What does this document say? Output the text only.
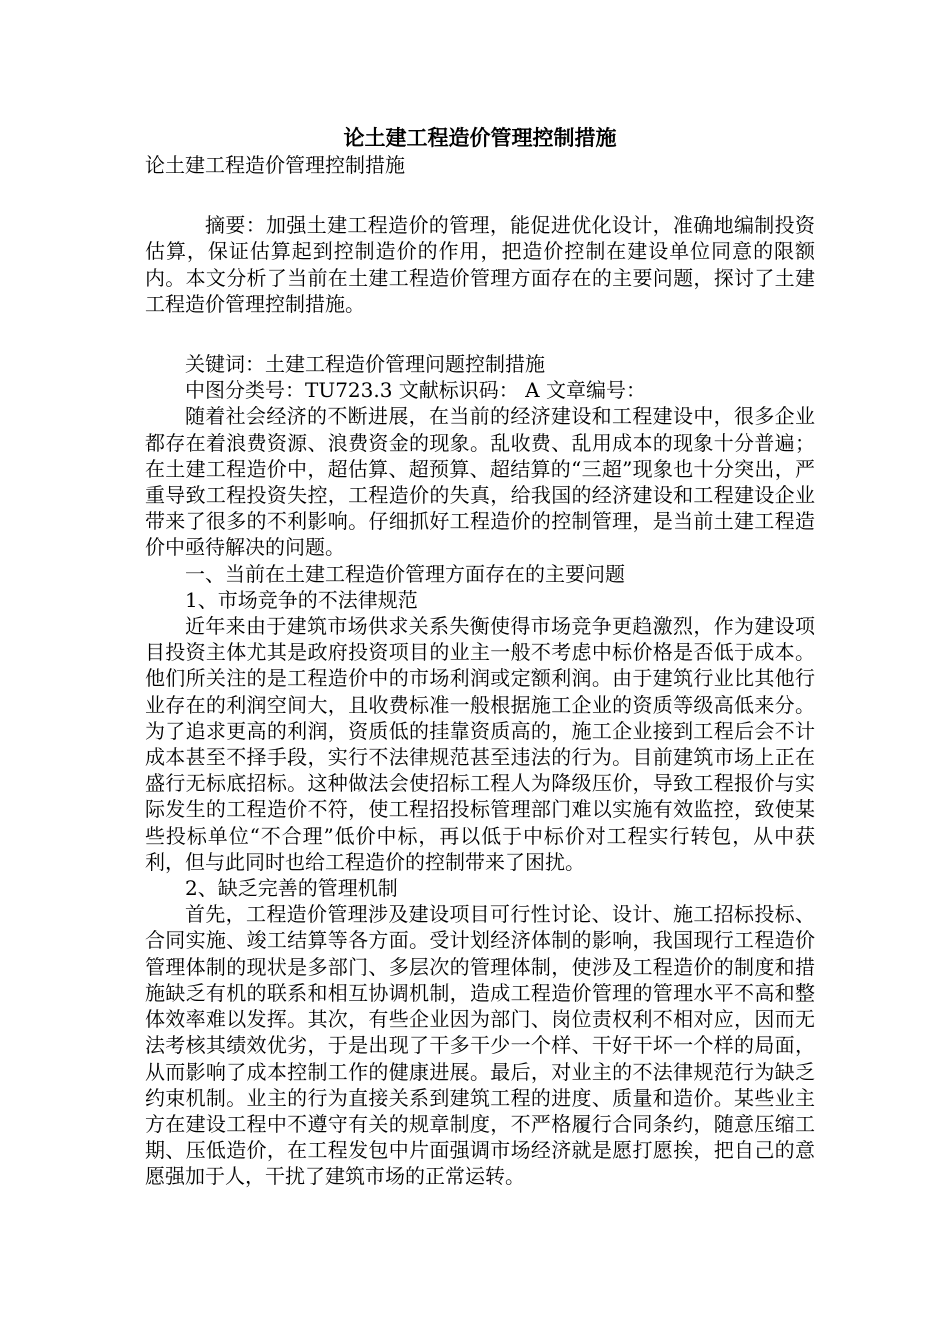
论土建工程造价管理控制措施

论土建工程造价管理控制措施

摘要：加强土建工程造价的管理，能促进优化设计，准确地编制投资估算，保证估算起到控制造价的作用，把造价控制在建设单位同意的限额内。本文分析了当前在土建工程造价管理方面存在的主要问题，探讨了土建工程造价管理控制措施。

关键词：土建工程造价管理问题控制措施

中图分类号：TU723.3 文献标识码： A 文章编号：

随着社会经济的不断进展，在当前的经济建设和工程建设中，很多企业都存在着浪费资源、浪费资金的现象。乱收费、乱用成本的现象十分普遍；在土建工程造价中，超估算、超预算、超结算的“三超”现象也十分突出，严重导致工程投资失控，工程造价的失真，给我国的经济建设和工程建设企业带来了很多的不利影响。仔细抓好工程造价的控制管理，是当前土建工程造价中亟待解决的问题。

一、当前在土建工程造价管理方面存在的主要问题

1、市场竞争的不法律规范

近年来由于建筑市场供求关系失衡使得市场竞争更趋激烈，作为建设项目投资主体尤其是政府投资项目的业主一般不考虑中标价格是否低于成本。他们所关注的是工程造价中的市场利润或定额利润。由于建筑行业比其他行业存在的利润空间大，且收费标准一般根据施工企业的资质等级高低来分。为了追求更高的利润，资质低的挂靠资质高的，施工企业接到工程后会不计成本甚至不择手段，实行不法律规范甚至违法的行为。目前建筑市场上正在盛行无标底招标。这种做法会使招标工程人为降级压价，导致工程报价与实际发生的工程造价不符，使工程招投标管理部门难以实施有效监控，致使某些投标单位“不合理”低价中标，再以低于中标价对工程实行转包，从中获利，但与此同时也给工程造价的控制带来了困扰。

2、缺乏完善的管理机制

首先，工程造价管理涉及建设项目可行性讨论、设计、施工招标投标、合同实施、竣工结算等各方面。受计划经济体制的影响，我国现行工程造价管理体制的现状是多部门、多层次的管理体制，使涉及工程造价的制度和措施缺乏有机的联系和相互协调机制，造成工程造价管理的管理水平不高和整体效率难以发挥。其次，有些企业因为部门、岗位责权利不相对应，因而无法考核其绩效优劣，于是出现了干多干少一个样、干好干坏一个样的局面，从而影响了成本控制工作的健康进展。最后，对业主的不法律规范行为缺乏约束机制。业主的行为直接关系到建筑工程的进度、质量和造价。某些业主方在建设工程中不遵守有关的规章制度，不严格履行合同条约，随意压缩工期、压低造价，在工程发包中片面强调市场经济就是愿打愿挨，把自己的意愿强加于人，干扰了建筑市场的正常运转。
